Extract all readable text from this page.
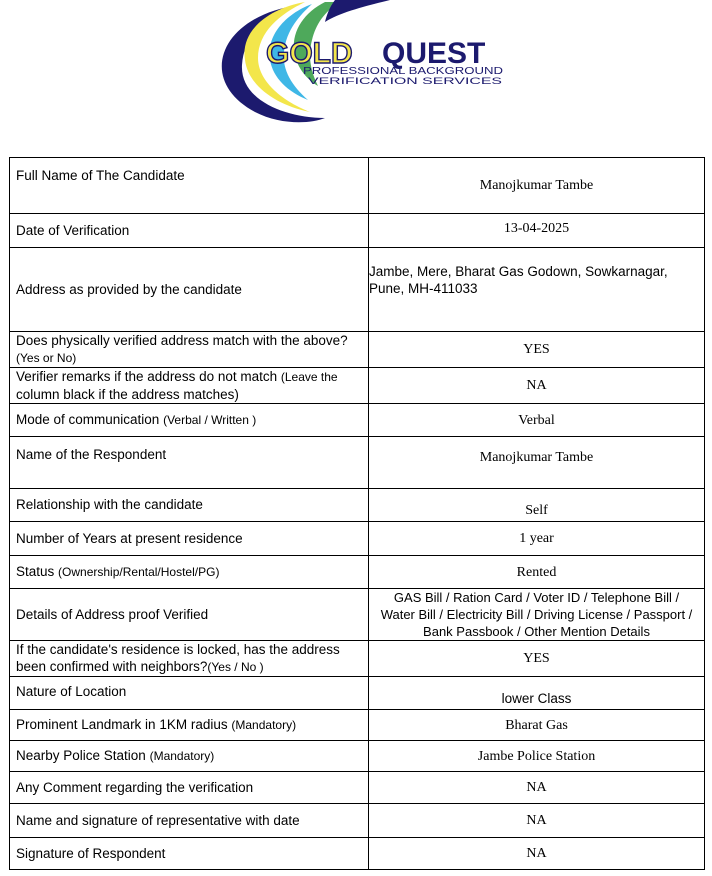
GOLD QUEST
PROFESSIONAL BACKGROUND
VERIFICATION SERVICES
Full Name of The Candidate	Manojkumar Tambe
Date of Verification	13-04-2025
Address as provided by the candidate	Jambe, Mere, Bharat Gas Godown, Sowkarnagar, Pune, MH-411033
Does physically verified address match with the above?
(Yes or No)	YES
Verifier remarks if the address do not match (Leave the
column black if the address matches)	NA
Mode of communication (Verbal / Written )	Verbal
Name of the Respondent	Manojkumar Tambe
Relationship with the candidate	Self
Number of Years at present residence	1 year
Status (Ownership/Rental/Hostel/PG)	Rented
Details of Address proof Verified	GAS Bill / Ration Card / Voter ID / Telephone Bill /
Water Bill / Electricity Bill / Driving License / Passport /
Bank Passbook / Other Mention Details
If the candidate's residence is locked, has the address
been confirmed with neighbors?(Yes / No )	YES
Nature of Location	lower Class
Prominent Landmark in 1KM radius (Mandatory)	Bharat Gas
Nearby Police Station (Mandatory)	Jambe Police Station
Any Comment regarding the verification	NA
Name and signature of representative with date	NA
Signature of Respondent	NA
